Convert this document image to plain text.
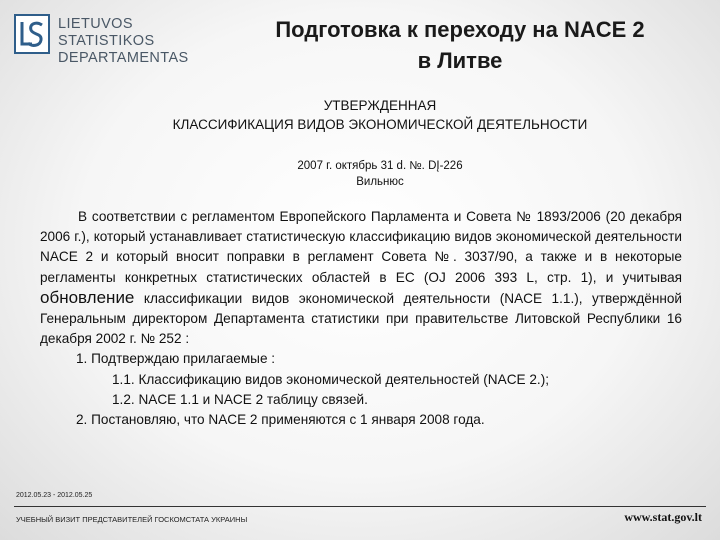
LIETUVOS STATISTIKOS
DEPARTAMENTAS
Подготовка к переходу на NACE 2
в Литве
УТВЕРЖДЕННАЯ
КЛАССИФИКАЦИЯ ВИДОВ ЭКОНОМИЧЕСКОЙ ДЕЯТЕЛЬНОСТИ
2007 г. октябрь 31 d. №. DĮ-226
Вильнюс

В соответствии с регламентом Европейского Парламента и Совета № 1893/2006 (20 декабря 2006 г.), который устанавливает статистическую классификацию видов экономической деятельности NACE 2 и который вносит поправки в регламент Совета №. 3037/90, а также и в некоторые регламенты конкретных статистических областей в ЕС (OJ 2006 393 L, стр. 1), и учитывая обновление классификации видов экономической деятельности (NACE 1.1.), утверждённой Генеральным директором Департамента статистики при правительстве Литовской Республики 16 декабря 2002 г. № 252 :

1. Подтверждаю прилагаемые :
1.1. Классификацию видов экономической деятельностей (NACE 2.);
1.2. NACE 1.1 и NACE 2 таблицу связей.
2. Постановляю, что NACE 2 применяются с 1 января 2008 года.
2012.05.23 - 2012.05.25
УЧЕБНЫЙ ВИЗИТ ПРЕДСТАВИТЕЛЕЙ ГОСКОМСТАТА УКРАИНЫ	www.stat.gov.lt
